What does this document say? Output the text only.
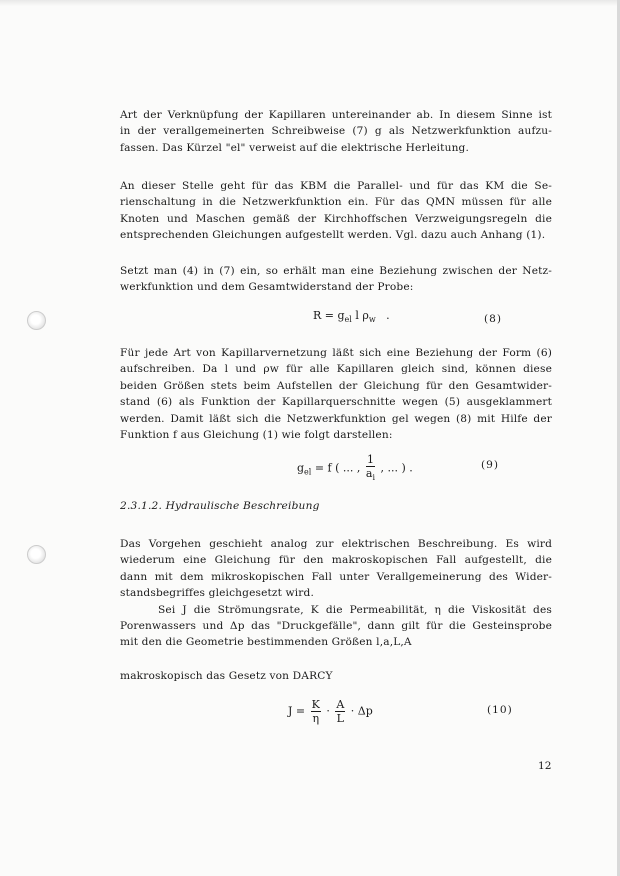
Art der Verknüpfung der Kapillaren untereinander ab. In diesem Sinne ist
in der verallgemeinerten Schreibweise (7) g als Netzwerkfunktion aufzu-
fassen. Das Kürzel "el" verweist auf die elektrische Herleitung.

An dieser Stelle geht für das KBM die Parallel- und für das KM die Se-
rienschaltung in die Netzwerkfunktion ein. Für das QMN müssen für alle
Knoten und Maschen gemäß der Kirchhoffschen Verzweigungsregeln die
entsprechenden Gleichungen aufgestellt werden. Vgl. dazu auch Anhang (1).

Setzt man (4) in (7) ein, so erhält man eine Beziehung zwischen der Netz-
werkfunktion und dem Gesamtwiderstand der Probe:

$R = g_{el}$ l $\rho_w$   .	(8)

Für jede Art von Kapillarvernetzung läßt sich eine Beziehung der Form (6)
aufschreiben. Da l und ρw für alle Kapillaren gleich sind, können diese
beiden Größen stets beim Aufstellen der Gleichung für den Gesamtwider-
stand (6) als Funktion der Kapillarquerschnitte wegen (5) ausgeklammert
werden. Damit läßt sich die Netzwerkfunktion gel wegen (8) mit Hilfe der
Funktion f aus Gleichung (1) wie folgt darstellen:

$g_{el} = f$ ( ... , $\frac{1}{a_i}$ , ... ) .	(9)

2.3.1.2. Hydraulische Beschreibung

Das Vorgehen geschieht analog zur elektrischen Beschreibung. Es wird
wiederum eine Gleichung für den makroskopischen Fall aufgestellt, die
dann mit dem mikroskopischen Fall unter Verallgemeinerung des Wider-
standsbegriffes gleichgesetzt wird.
Sei J die Strömungsrate, K die Permeabilität, η die Viskosität des
Porenwassers und Δp das "Druckgefälle", dann gilt für die Gesteinsprobe
mit den die Geometrie bestimmenden Größen l,a,L,A

makroskopisch das Gesetz von DARCY

$J = \frac{K}{\eta} \cdot \frac{A}{L} \cdot \Delta p$	(10)
12
